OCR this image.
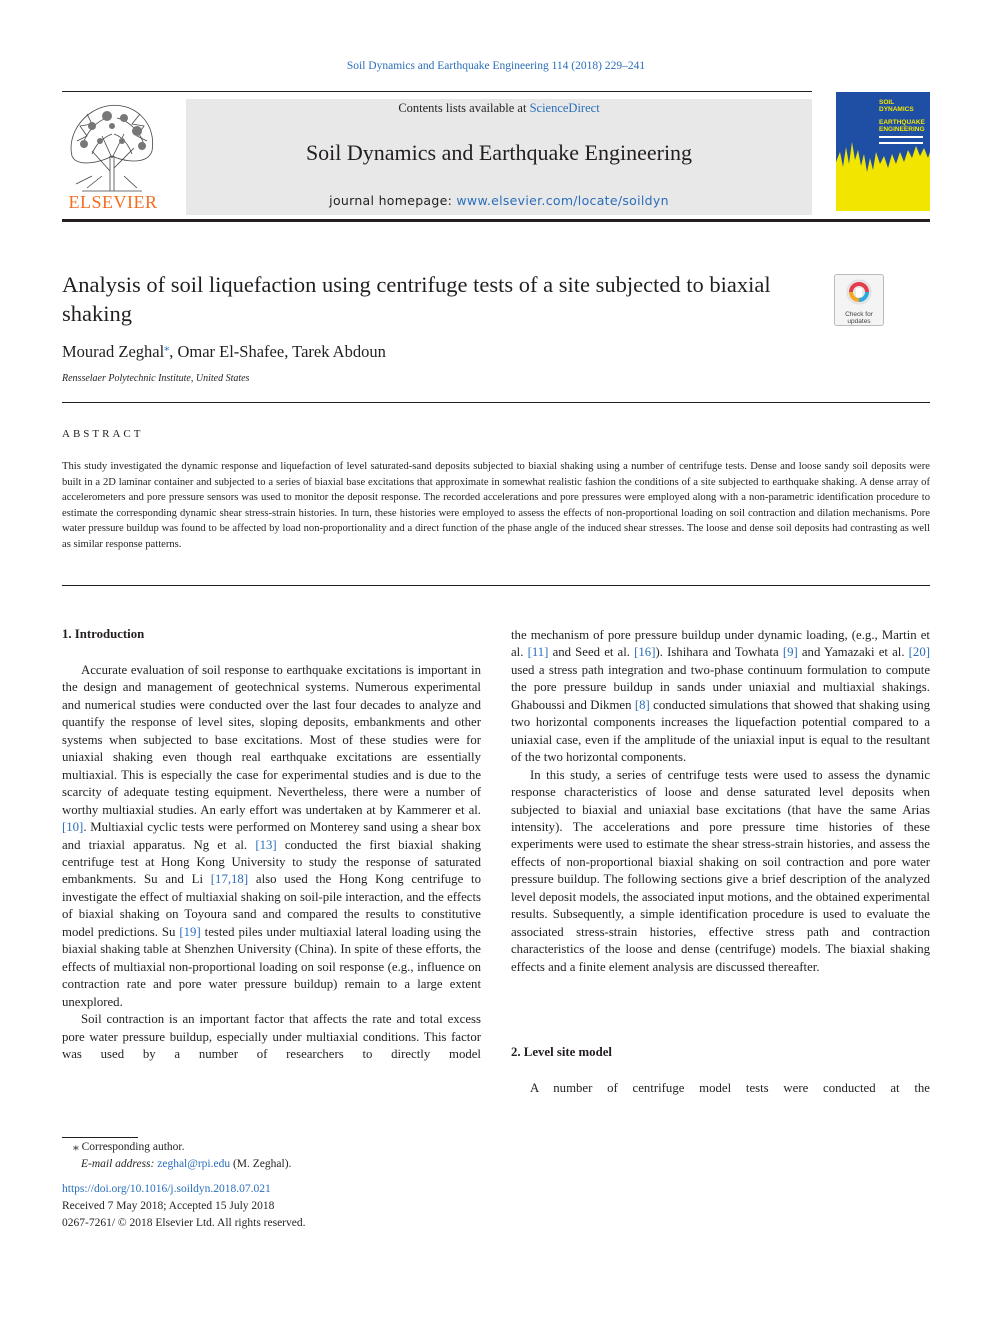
Soil Dynamics and Earthquake Engineering 114 (2018) 229–241
ELSEVIER
Contents lists available at ScienceDirect
Soil Dynamics and Earthquake Engineering
journal homepage: www.elsevier.com/locate/soildyn
SOIL
DYNAMICS
EARTHQUAKE
ENGINEERING
Analysis of soil liquefaction using centrifuge tests of a site subjected to biaxial shaking	Check for updates
Mourad Zeghal⁎, Omar El-Shafee, Tarek Abdoun
Rensselaer Polytechnic Institute, United States
ABSTRACT
This study investigated the dynamic response and liquefaction of level saturated-sand deposits subjected to biaxial shaking using a number of centrifuge tests. Dense and loose sandy soil deposits were built in a 2D laminar container and subjected to a series of biaxial base excitations that approximate in somewhat realistic fashion the conditions of a site subjected to earthquake shaking. A dense array of accelerometers and pore pressure sensors was used to monitor the deposit response. The recorded accelerations and pore pressures were employed along with a non-parametric identification procedure to estimate the corresponding dynamic shear stress-strain histories. In turn, these histories were employed to assess the effects of non-proportional loading on soil contraction and dilation mechanisms. Pore water pressure buildup was found to be affected by load non-proportionality and a direct function of the phase angle of the induced shear stresses. The loose and dense soil deposits had contrasting as well as similar response patterns.
1. Introduction

Accurate evaluation of soil response to earthquake excitations is important in the design and management of geotechnical systems. Numerous experimental and numerical studies were conducted over the last four decades to analyze and quantify the response of level sites, sloping deposits, embankments and other systems when subjected to base excitations. Most of these studies were for uniaxial shaking even though real earthquake excitations are essentially multiaxial. This is especially the case for experimental studies and is due to the scarcity of adequate testing equipment. Nevertheless, there were a number of worthy multiaxial studies. An early effort was undertaken at by Kammerer et al. [10]. Multiaxial cyclic tests were performed on Monterey sand using a shear box and triaxial apparatus. Ng et al. [13] conducted the first biaxial shaking centrifuge test at Hong Kong University to study the response of saturated embankments. Su and Li [17,18] also used the Hong Kong centrifuge to investigate the effect of multiaxial shaking on soil-pile interaction, and the effects of biaxial shaking on Toyoura sand and compared the results to constitutive model predictions. Su [19] tested piles under multiaxial lateral loading using the biaxial shaking table at Shenzhen University (China). In spite of these efforts, the effects of multiaxial non-proportional loading on soil response (e.g., influence on contraction rate and pore water pressure buildup) remain to a large extent unexplored.

Soil contraction is an important factor that affects the rate and total excess pore water pressure buildup, especially under multiaxial conditions. This factor was used by a number of researchers to directly model

the mechanism of pore pressure buildup under dynamic loading, (e.g., Martin et al. [11] and Seed et al. [16]). Ishihara and Towhata [9] and Yamazaki et al. [20] used a stress path integration and two-phase continuum formulation to compute the pore pressure buildup in sands under uniaxial and multiaxial shakings. Ghaboussi and Dikmen [8] conducted simulations that showed that shaking using two horizontal components increases the liquefaction potential compared to a uniaxial case, even if the amplitude of the uniaxial input is equal to the resultant of the two horizontal components.

In this study, a series of centrifuge tests were used to assess the dynamic response characteristics of loose and dense saturated level deposits when subjected to biaxial and uniaxial base excitations (that have the same Arias intensity). The accelerations and pore pressure time histories of these experiments were used to estimate the shear stress-strain histories, and assess the effects of non-proportional biaxial shaking on soil contraction and pore water pressure buildup. The following sections give a brief description of the analyzed level deposit models, the associated input motions, and the obtained experimental results. Subsequently, a simple identification procedure is used to evaluate the associated stress-strain histories, effective stress path and contraction characteristics of the loose and dense (centrifuge) models. The biaxial shaking effects and a finite element analysis are discussed thereafter.

2. Level site model

A number of centrifuge model tests were conducted at the

⁎ Corresponding author.
E-mail address: zeghal@rpi.edu (M. Zeghal).
https://doi.org/10.1016/j.soildyn.2018.07.021
Received 7 May 2018; Accepted 15 July 2018
0267-7261/ © 2018 Elsevier Ltd. All rights reserved.
